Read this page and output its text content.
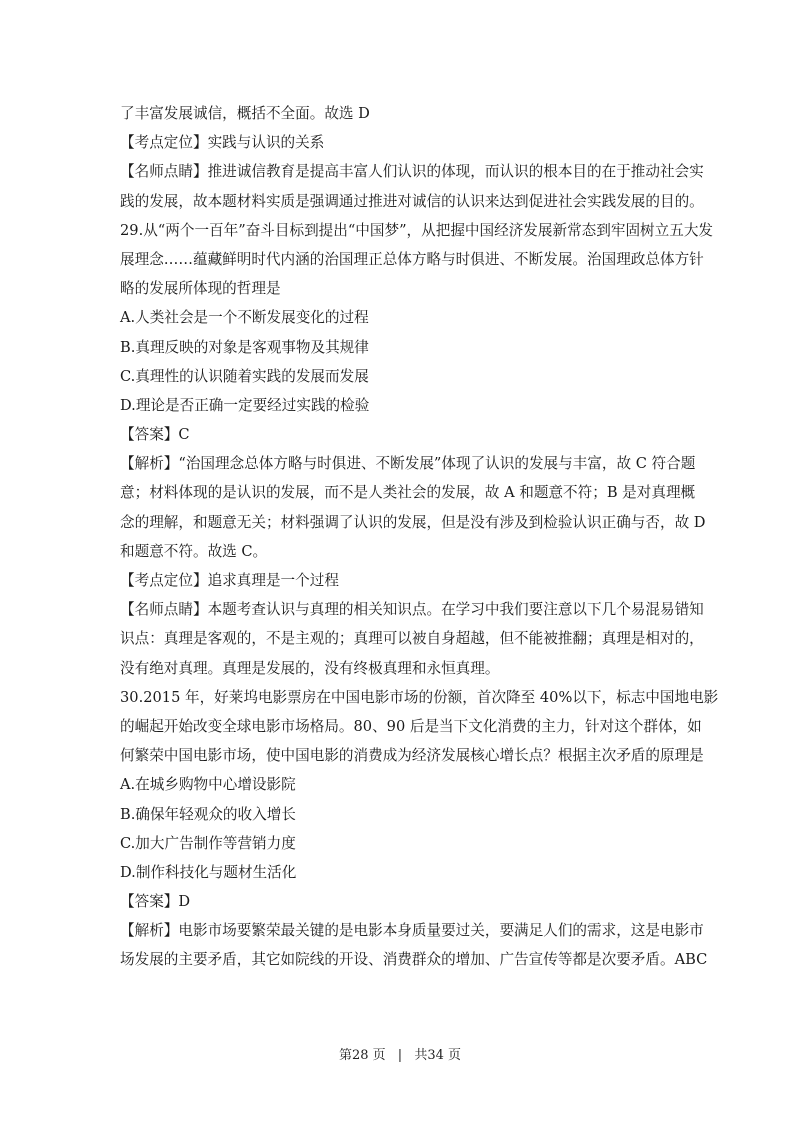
了丰富发展诚信，概括不全面。故选 D
【考点定位】实践与认识的关系
【名师点睛】推进诚信教育是提高丰富人们认识的体现，而认识的根本目的在于推动社会实
践的发展，故本题材料实质是强调通过推进对诚信的认识来达到促进社会实践发展的目的。
29.从“两个一百年”奋斗目标到提出“中国梦”，从把握中国经济发展新常态到牢固树立五大发
展理念……蕴藏鲜明时代内涵的治国理正总体方略与时俱进、不断发展。治国理政总体方针
略的发展所体现的哲理是
A.人类社会是一个不断发展变化的过程
B.真理反映的对象是客观事物及其规律
C.真理性的认识随着实践的发展而发展
D.理论是否正确一定要经过实践的检验
【答案】C
【解析】“治国理念总体方略与时俱进、不断发展”体现了认识的发展与丰富，故 C 符合题
意；材料体现的是认识的发展，而不是人类社会的发展，故 A 和题意不符；B 是对真理概
念的理解，和题意无关；材料强调了认识的发展，但是没有涉及到检验认识正确与否，故 D
和题意不符。故选 C。
【考点定位】追求真理是一个过程
【名师点睛】本题考查认识与真理的相关知识点。在学习中我们要注意以下几个易混易错知
识点：真理是客观的，不是主观的；真理可以被自身超越，但不能被推翻；真理是相对的，
没有绝对真理。真理是发展的，没有终极真理和永恒真理。
30.2015 年，好莱坞电影票房在中国电影市场的份额，首次降至 40%以下，标志中国地电影
的崛起开始改变全球电影市场格局。80、90 后是当下文化消费的主力，针对这个群体，如
何繁荣中国电影市场，使中国电影的消费成为经济发展核心增长点？根据主次矛盾的原理是
A.在城乡购物中心增设影院
B.确保年轻观众的收入增长
C.加大广告制作等营销力度
D.制作科技化与题材生活化
【答案】D
【解析】电影市场要繁荣最关键的是电影本身质量要过关，要满足人们的需求，这是电影市
场发展的主要矛盾，其它如院线的开设、消费群众的增加、广告宣传等都是次要矛盾。ABC
第28 页 | 共34 页
